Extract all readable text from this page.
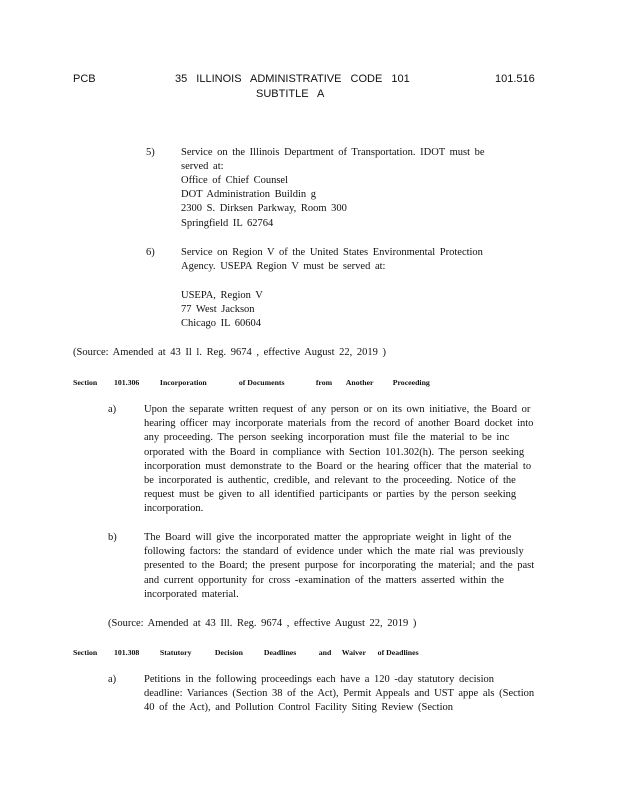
PCB	35 ILLINOIS ADMINISTRATIVE CODE 101
SUBTITLE A
101.516
5)	Service on the Illinois Department of Transportation. IDOT must be served at:
Office of Chief Counsel
DOT Administration Buildin g
2300 S. Dirksen Parkway, Room 300
Springfield IL 62764
6)	Service on Region V of the United States Environmental Protection Agency. USEPA Region V must be served at:
USEPA, Region V
77 West Jackson
Chicago IL 60604
(Source: Amended at 43 Il l. Reg. 9674 , effective August 22, 2019 )
Section 101.306	Incorporation	of Documents	from Another Proceeding
a)	Upon the separate written request of any person or on its own initiative, the Board or hearing officer may incorporate materials from the record of another Board docket into any proceeding. The person seeking incorporation must file the material to be inc orporated with the Board in compliance with Section 101.302(h). The person seeking incorporation must demonstrate to the Board or the hearing officer that the material to be incorporated is authentic, credible, and relevant to the proceeding. Notice of the request must be given to all identified participants or parties by the person seeking incorporation.
b)	The Board will give the incorporated matter the appropriate weight in light of the following factors: the standard of evidence under which the mate rial was previously presented to the Board; the present purpose for incorporating the material; and the past and current opportunity for cross -examination of the matters asserted within the incorporated material.
(Source: Amended at 43 Ill. Reg. 9674 , effective August 22, 2019 )
Section 101.308	Statutory	Decision	Deadlines	and Waiver of Deadlines
a)	Petitions in the following proceedings each have a 120 -day statutory decision deadline: Variances (Section 38 of the Act), Permit Appeals and UST appe als (Section 40 of the Act), and Pollution Control Facility Siting Review (Section
